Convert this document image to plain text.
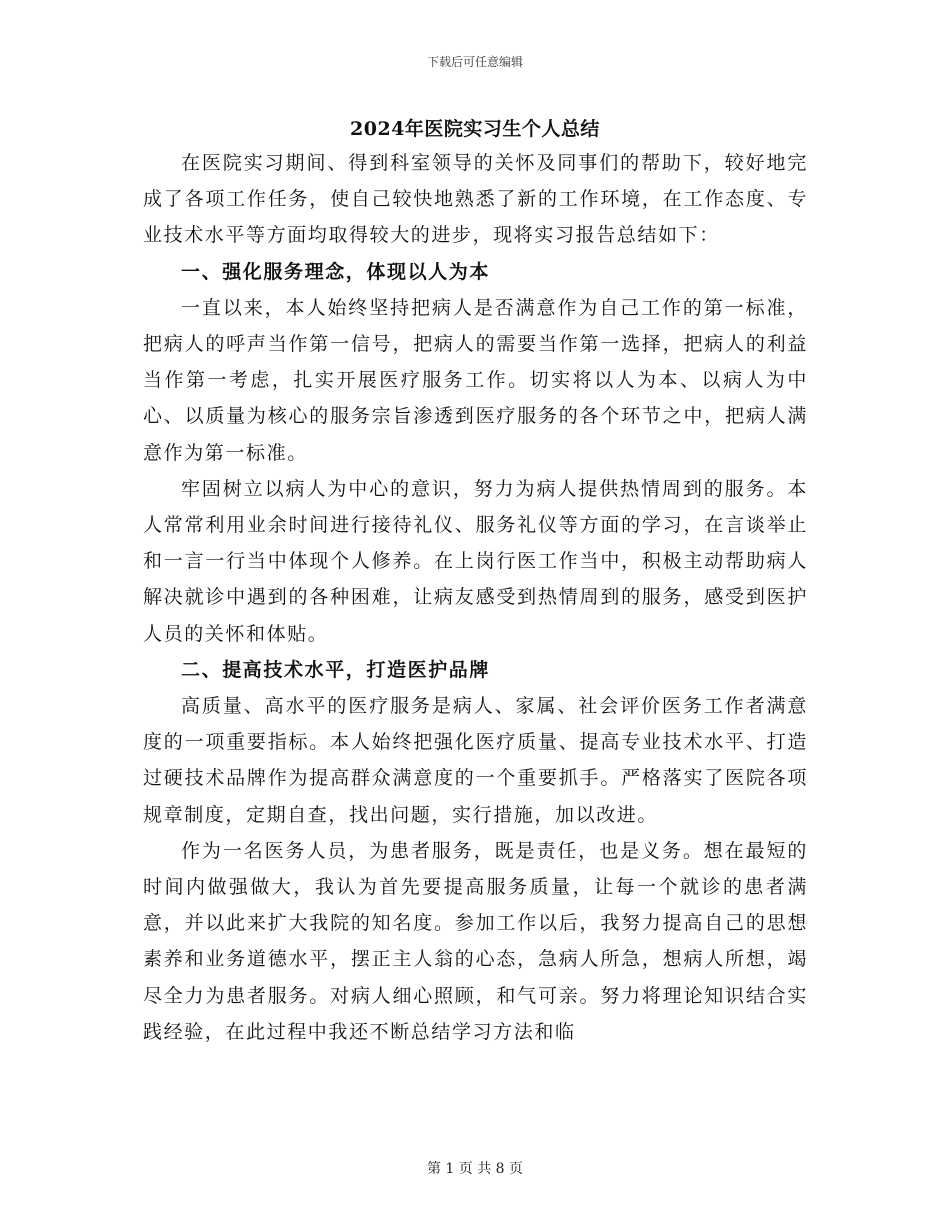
下载后可任意编辑
2024年医院实习生个人总结

在医院实习期间、得到科室领导的关怀及同事们的帮助下，较好地完成了各项工作任务，使自己较快地熟悉了新的工作环境，在工作态度、专业技术水平等方面均取得较大的进步，现将实习报告总结如下：

一、强化服务理念，体现以人为本

一直以来，本人始终坚持把病人是否满意作为自己工作的第一标准，把病人的呼声当作第一信号，把病人的需要当作第一选择，把病人的利益当作第一考虑，扎实开展医疗服务工作。切实将以人为本、以病人为中心、以质量为核心的服务宗旨渗透到医疗服务的各个环节之中，把病人满意作为第一标准。

牢固树立以病人为中心的意识，努力为病人提供热情周到的服务。本人常常利用业余时间进行接待礼仪、服务礼仪等方面的学习，在言谈举止和一言一行当中体现个人修养。在上岗行医工作当中，积极主动帮助病人解决就诊中遇到的各种困难，让病友感受到热情周到的服务，感受到医护人员的关怀和体贴。

二、提高技术水平，打造医护品牌

高质量、高水平的医疗服务是病人、家属、社会评价医务工作者满意度的一项重要指标。本人始终把强化医疗质量、提高专业技术水平、打造过硬技术品牌作为提高群众满意度的一个重要抓手。严格落实了医院各项规章制度，定期自查，找出问题，实行措施，加以改进。

作为一名医务人员，为患者服务，既是责任，也是义务。想在最短的时间内做强做大，我认为首先要提高服务质量，让每一个就诊的患者满意，并以此来扩大我院的知名度。参加工作以后，我努力提高自己的思想素养和业务道德水平，摆正主人翁的心态，急病人所急，想病人所想，竭尽全力为患者服务。对病人细心照顾，和气可亲。努力将理论知识结合实践经验，在此过程中我还不断总结学习方法和临

第 1 页 共 8 页
